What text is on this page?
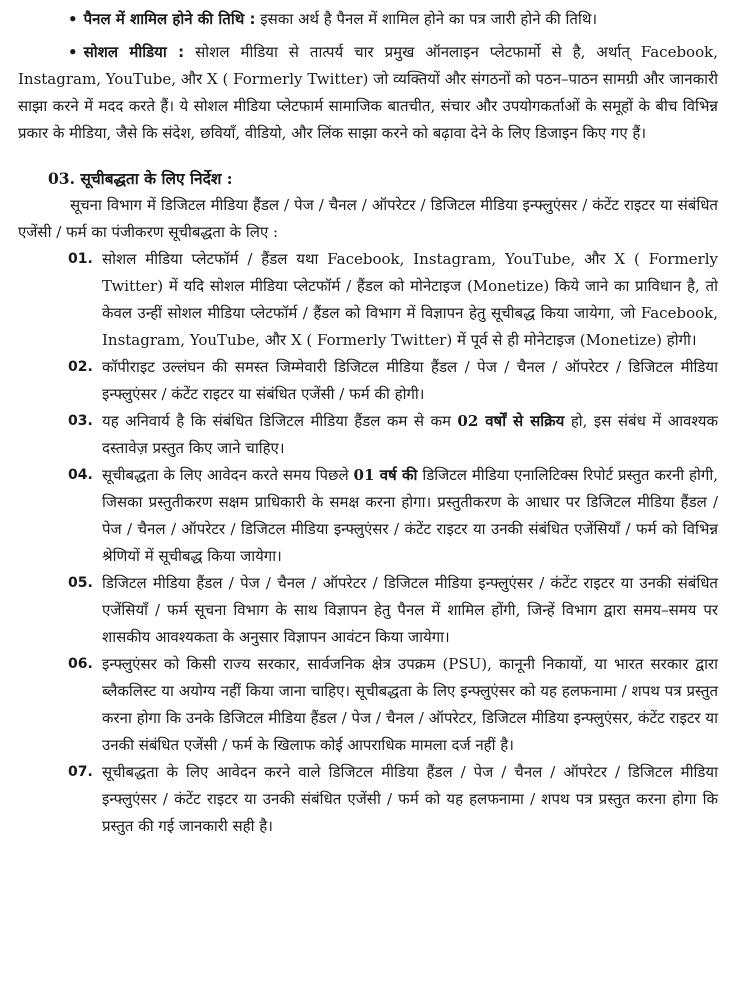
• पैनल में शामिल होने की तिथि : इसका अर्थ है पैनल में शामिल होने का पत्र जारी होने की तिथि।

• सोशल मीडिया : सोशल मीडिया से तात्पर्य चार प्रमुख ऑनलाइन प्लेटफार्मो से है, अर्थात् Facebook, Instagram, YouTube, और X ( Formerly Twitter) जो व्यक्तियों और संगठनों को पठन–पाठन सामग्री और जानकारी साझा करने में मदद करते हैं। ये सोशल मीडिया प्लेटफार्म सामाजिक बातचीत, संचार और उपयोगकर्ताओं के समूहों के बीच विभिन्न प्रकार के मीडिया, जैसे कि संदेश, छवियाँ, वीडियो, और लिंक साझा करने को बढ़ावा देने के लिए डिजाइन किए गए हैं।

03. सूचीबद्धता के लिए निर्देश :

सूचना विभाग में डिजिटल मीडिया हैंडल / पेज / चैनल / ऑपरेटर / डिजिटल मीडिया इन्फ्लुएंसर / कंटेंट राइटर या संबंधित एजेंसी / फर्म का पंजीकरण सूचीबद्धता के लिए :

01. सोशल मीडिया प्लेटफॉर्म / हैंडल यथा Facebook, Instagram, YouTube, और X ( Formerly Twitter) में यदि सोशल मीडिया प्लेटफॉर्म / हैंडल को मोनेटाइज (Monetize) किये जाने का प्राविधान है, तो केवल उन्हीं सोशल मीडिया प्लेटफॉर्म / हैंडल को विभाग में विज्ञापन हेतु सूचीबद्ध किया जायेगा, जो Facebook, Instagram, YouTube, और X ( Formerly Twitter) में पूर्व से ही मोनेटाइज (Monetize) होगी।
02. कॉपीराइट उल्लंघन की समस्त जिम्मेवारी डिजिटल मीडिया हैंडल / पेज / चैनल / ऑपरेटर / डिजिटल मीडिया इन्फ्लुएंसर / कंटेंट राइटर या संबंधित एजेंसी / फर्म की होगी।
03. यह अनिवार्य है कि संबंधित डिजिटल मीडिया हैंडल कम से कम 02 वर्षों से सक्रिय हो, इस संबंध में आवश्यक दस्तावेज़ प्रस्तुत किए जाने चाहिए।
04. सूचीबद्धता के लिए आवेदन करते समय पिछले 01 वर्ष की डिजिटल मीडिया एनालिटिक्स रिपोर्ट प्रस्तुत करनी होगी, जिसका प्रस्तुतीकरण सक्षम प्राधिकारी के समक्ष करना होगा। प्रस्तुतीकरण के आधार पर डिजिटल मीडिया हैंडल / पेज / चैनल / ऑपरेटर / डिजिटल मीडिया इन्फ्लुएंसर / कंटेंट राइटर या उनकी संबंधित एजेंसियाँ / फर्म को विभिन्न श्रेणियों में सूचीबद्ध किया जायेगा।
05. डिजिटल मीडिया हैंडल / पेज / चैनल / ऑपरेटर / डिजिटल मीडिया इन्फ्लुएंसर / कंटेंट राइटर या उनकी संबंधित एजेंसियाँ / फर्म सूचना विभाग के साथ विज्ञापन हेतु पैनल में शामिल होंगी, जिन्हें विभाग द्वारा समय–समय पर शासकीय आवश्यकता के अनुसार विज्ञापन आवंटन किया जायेगा।
06. इन्फ्लुएंसर को किसी राज्य सरकार, सार्वजनिक क्षेत्र उपक्रम (PSU), कानूनी निकायों, या भारत सरकार द्वारा ब्लैकलिस्ट या अयोग्य नहीं किया जाना चाहिए। सूचीबद्धता के लिए इन्फ्लुएंसर को यह हलफनामा / शपथ पत्र प्रस्तुत करना होगा कि उनके डिजिटल मीडिया हैंडल / पेज / चैनल / ऑपरेटर, डिजिटल मीडिया इन्फ्लुएंसर, कंटेंट राइटर या उनकी संबंधित एजेंसी / फर्म के खिलाफ कोई आपराधिक मामला दर्ज नहीं है।
07. सूचीबद्धता के लिए आवेदन करने वाले डिजिटल मीडिया हैंडल / पेज / चैनल / ऑपरेटर / डिजिटल मीडिया इन्फ्लुएंसर / कंटेंट राइटर या उनकी संबंधित एजेंसी / फर्म को यह हलफनामा / शपथ पत्र प्रस्तुत करना होगा कि प्रस्तुत की गई जानकारी सही है।
